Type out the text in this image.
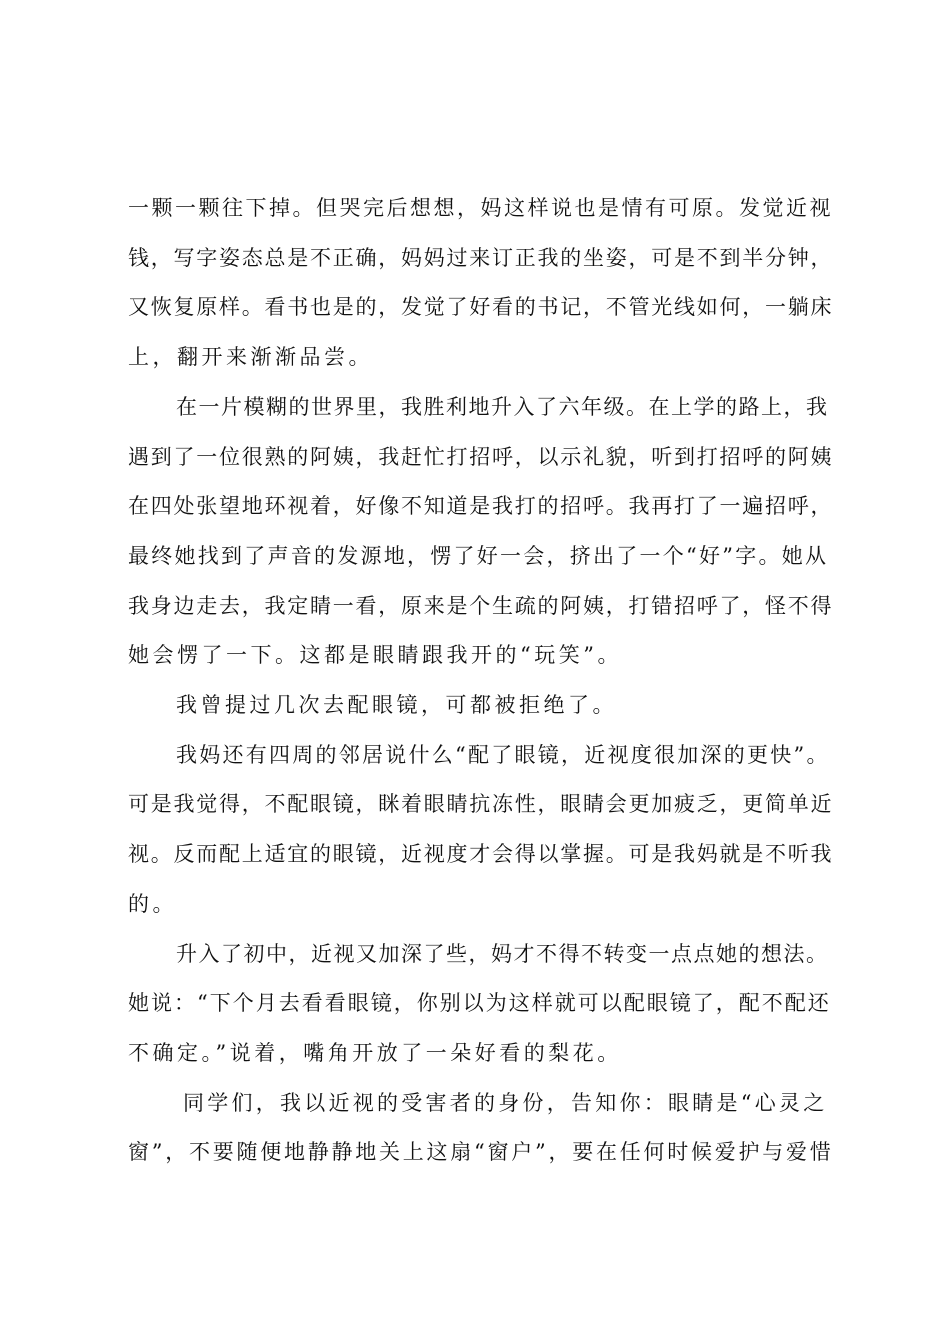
一颗一颗往下掉。但哭完后想想，妈这样说也是情有可原。发觉近视
钱，写字姿态总是不正确，妈妈过来订正我的坐姿，可是不到半分钟，
又恢复原样。看书也是的，发觉了好看的书记，不管光线如何，一躺床
上，翻开来渐渐品尝。
在一片模糊的世界里，我胜利地升入了六年级。在上学的路上，我
遇到了一位很熟的阿姨，我赶忙打招呼，以示礼貌，听到打招呼的阿姨
在四处张望地环视着，好像不知道是我打的招呼。我再打了一遍招呼，
最终她找到了声音的发源地，愣了好一会，挤出了一个“好”字。她从
我身边走去，我定睛一看，原来是个生疏的阿姨，打错招呼了，怪不得
她会愣了一下。这都是眼睛跟我开的“玩笑”。
我曾提过几次去配眼镜，可都被拒绝了。
我妈还有四周的邻居说什么“配了眼镜，近视度很加深的更快”。
可是我觉得，不配眼镜，眯着眼睛抗冻性，眼睛会更加疲乏，更简单近
视。反而配上适宜的眼镜，近视度才会得以掌握。可是我妈就是不听我
的。
升入了初中，近视又加深了些，妈才不得不转变一点点她的想法。
她说：“下个月去看看眼镜，你别以为这样就可以配眼镜了，配不配还
不确定。”说着，嘴角开放了一朵好看的梨花。
同学们，我以近视的受害者的身份，告知你：眼睛是“心灵之
窗”，不要随便地静静地关上这扇“窗户”，要在任何时候爱护与爱惜
